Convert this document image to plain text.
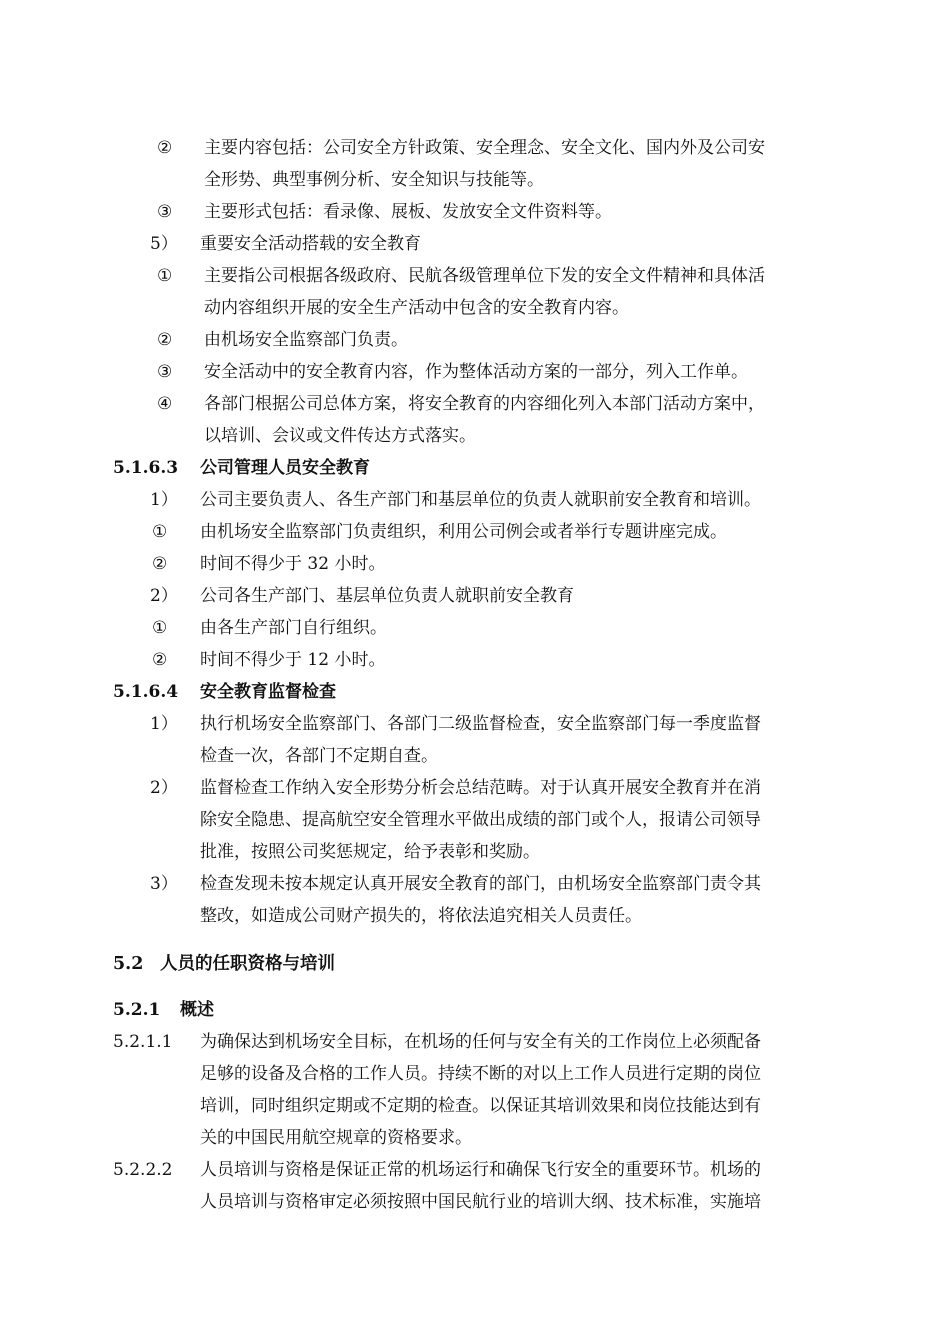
② 主要内容包括：公司安全方针政策、安全理念、安全文化、国内外及公司安
全形势、典型事例分析、安全知识与技能等。
③ 主要形式包括：看录像、展板、发放安全文件资料等。
5） 重要安全活动搭载的安全教育
① 主要指公司根据各级政府、民航各级管理单位下发的安全文件精神和具体活
动内容组织开展的安全生产活动中包含的安全教育内容。
② 由机场安全监察部门负责。
③ 安全活动中的安全教育内容，作为整体活动方案的一部分，列入工作单。
④ 各部门根据公司总体方案，将安全教育的内容细化列入本部门活动方案中，
以培训、会议或文件传达方式落实。
5.1.6.3 公司管理人员安全教育
1） 公司主要负责人、各生产部门和基层单位的负责人就职前安全教育和培训。
① 由机场安全监察部门负责组织，利用公司例会或者举行专题讲座完成。
② 时间不得少于 32 小时。
2） 公司各生产部门、基层单位负责人就职前安全教育
① 由各生产部门自行组织。
② 时间不得少于 12 小时。
5.1.6.4 安全教育监督检查
1） 执行机场安全监察部门、各部门二级监督检查，安全监察部门每一季度监督
检查一次，各部门不定期自查。
2） 监督检查工作纳入安全形势分析会总结范畴。对于认真开展安全教育并在消
除安全隐患、提高航空安全管理水平做出成绩的部门或个人，报请公司领导
批准，按照公司奖惩规定，给予表彰和奖励。
3） 检查发现未按本规定认真开展安全教育的部门，由机场安全监察部门责令其
整改，如造成公司财产损失的，将依法追究相关人员责任。
5.2 人员的任职资格与培训
5.2.1 概述
5.2.1.1 为确保达到机场安全目标，在机场的任何与安全有关的工作岗位上必须配备
足够的设备及合格的工作人员。持续不断的对以上工作人员进行定期的岗位
培训，同时组织定期或不定期的检查。以保证其培训效果和岗位技能达到有
关的中国民用航空规章的资格要求。
5.2.2.2 人员培训与资格是保证正常的机场运行和确保飞行安全的重要环节。机场的
人员培训与资格审定必须按照中国民航行业的培训大纲、技术标准，实施培
